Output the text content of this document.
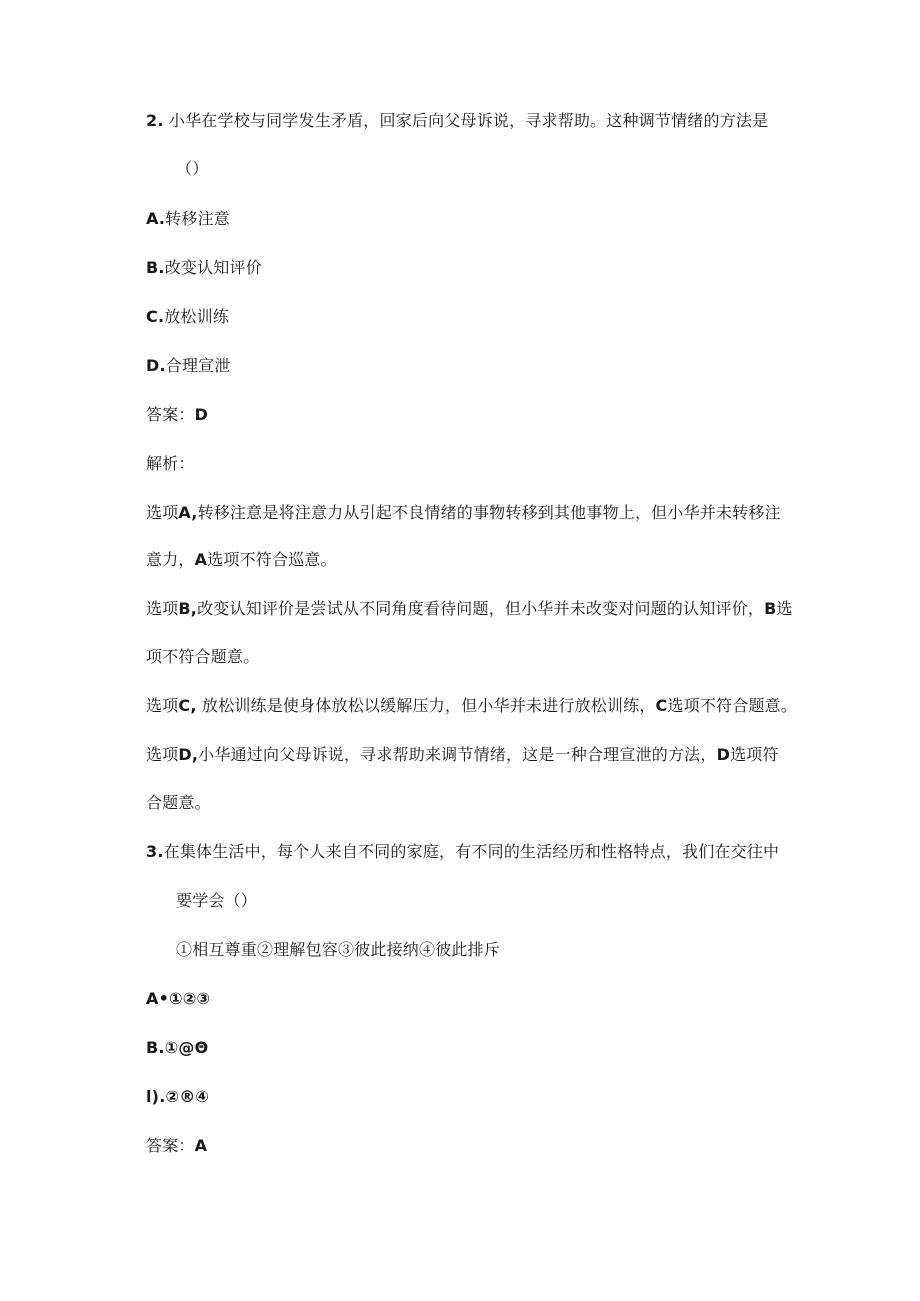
2. 小华在学校与同学发生矛盾，回家后向父母诉说，寻求帮助。这种调节情绪的方法是
（）
A.转移注意
B.改变认知评价
C.放松训练
D.合理宣泄
答案：D
解析：
选项A,转移注意是将注意力从引起不良情绪的事物转移到其他事物上，但小华并未转移注
意力，A选项不符合巡意。
选项B,改变认知评价是尝试从不同角度看待问题，但小华并未改变对问题的认知评价，B选
项不符合题意。
选项C, 放松训练是使身体放松以缓解压力，但小华并未进行放松训练，C选项不符合题意。
选项D,小华通过向父母诉说，寻求帮助来调节情绪，这是一种合理宣泄的方法，D选项符
合题意。
3.在集体生活中，每个人来自不同的家庭，有不同的生活经历和性格特点，我们在交往中
要学会（）
①相互尊重②理解包容③彼此接纳④彼此排斥
A•①②③
B.①@Θ
l).②®④
答案：A
